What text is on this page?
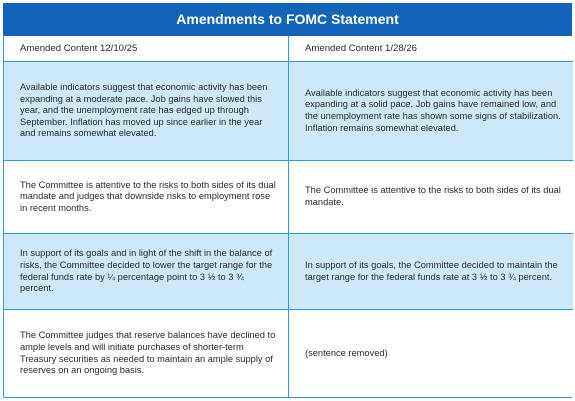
Amendments to FOMC Statement
Amended Content 12/10/25	Amended Content 1/28/26
Available indicators suggest that economic activity has been expanding at a moderate pace. Job gains have slowed this year, and the unemployment rate has edged up through September. Inflation has moved up since earlier in the year and remains somewhat elevated.
Available indicators suggest that economic activity has been expanding at a solid pace. Job gains have remained low, and the unemployment rate has shown some signs of stabilization. Inflation remains somewhat elevated.
The Committee is attentive to the risks to both sides of its dual mandate and judges that downside risks to employment rose in recent months.
The Committee is attentive to the risks to both sides of its dual mandate.
In support of its goals and in light of the shift in the balance of risks, the Committee decided to lower the target range for the federal funds rate by ¼ percentage point to 3 ½ to 3 ¾ percent.
In support of its goals, the Committee decided to maintain the target range for the federal funds rate at 3 ½ to 3 ¾ percent.
The Committee judges that reserve balances have declined to ample levels and will initiate purchases of shorter-term Treasury securities as needed to maintain an ample supply of reserves on an ongoing basis.
(sentence removed)
